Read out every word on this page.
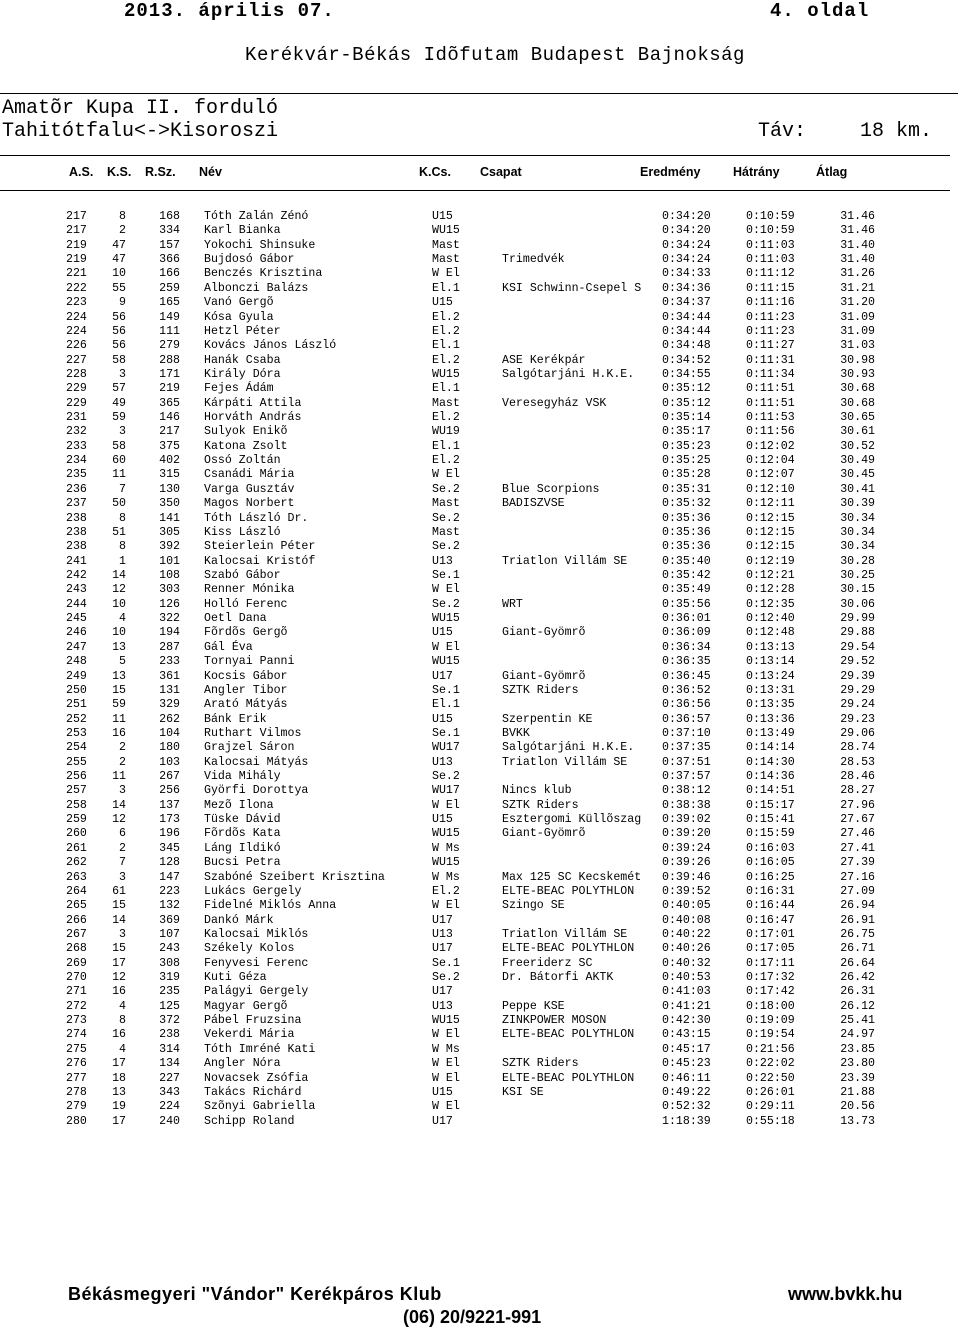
2013. április 07.	4. oldal
Kerékvár-Békás Idõfutam Budapest Bajnokság
Amatõr Kupa II. forduló
Tahitótfalu<->Kisoroszi	Táv:	18 km.
A.S. K.S. R.Sz. Név	K.Cs. Csapat	Eredmény	Hátrány	Átlag
217	8	168 Tóth Zalán Zénó	U15	0:34:20	0:10:59	31.46
217	2	334 Karl Bianka	WU15	0:34:20	0:10:59	31.46
219	47	157 Yokochi Shinsuke	Mast	0:34:24	0:11:03	31.40
219	47	366 Bujdosó Gábor	Mast	Trimedvék	0:34:24	0:11:03	31.40
221	10	166 Benczés Krisztina	W El	0:34:33	0:11:12	31.26
222	55	259 Albonczi Balázs	El.1	KSI Schwinn-Csepel S 0:34:36	0:11:15	31.21
223	9	165 Vanó Gergõ	U15	0:34:37	0:11:16	31.20
224	56	149 Kósa Gyula	El.2	0:34:44	0:11:23	31.09
224	56	111 Hetzl Péter	El.2	0:34:44	0:11:23	31.09
226	56	279 Kovács János László	El.1	0:34:48	0:11:27	31.03
227	58	288 Hanák Csaba	El.2	ASE Kerékpár	0:34:52	0:11:31	30.98
228	3	171 Király Dóra	WU15	Salgótarjáni H.K.E. 0:34:55	0:11:34	30.93
229	57	219 Fejes Ádám	El.1	0:35:12	0:11:51	30.68
229	49	365 Kárpáti Attila	Mast	Veresegyház VSK	0:35:12	0:11:51	30.68
231	59	146 Horváth András	El.2	0:35:14	0:11:53	30.65
232	3	217 Sulyok Enikõ	WU19	0:35:17	0:11:56	30.61
233	58	375 Katona Zsolt	El.1	0:35:23	0:12:02	30.52
234	60	402 Ossó Zoltán	El.2	0:35:25	0:12:04	30.49
235	11	315 Csanádi Mária	W El	0:35:28	0:12:07	30.45
236	7	130 Varga Gusztáv	Se.2	Blue Scorpions	0:35:31	0:12:10	30.41
237	50	350 Magos Norbert	Mast	BADISZVSE	0:35:32	0:12:11	30.39
238	8	141 Tóth László Dr.	Se.2	0:35:36	0:12:15	30.34
238	51	305 Kiss László	Mast	0:35:36	0:12:15	30.34
238	8	392 Steierlein Péter	Se.2	0:35:36	0:12:15	30.34
241	1	101 Kalocsai Kristóf	U13	Triatlon Villám SE	0:35:40	0:12:19	30.28
242	14	108 Szabó Gábor	Se.1	0:35:42	0:12:21	30.25
243	12	303 Renner Mónika	W El	0:35:49	0:12:28	30.15
244	10	126 Holló Ferenc	Se.2	WRT	0:35:56	0:12:35	30.06
245	4	322 Oetl Dana	WU15	0:36:01	0:12:40	29.99
246	10	194 Fõrdõs Gergõ	U15	Giant-Gyömrõ	0:36:09	0:12:48	29.88
247	13	287 Gál Éva	W El	0:36:34	0:13:13	29.54
248	5	233 Tornyai Panni	WU15	0:36:35	0:13:14	29.52
249	13	361 Kocsis Gábor	U17	Giant-Gyömrõ	0:36:45	0:13:24	29.39
250	15	131 Angler Tibor	Se.1	SZTK Riders	0:36:52	0:13:31	29.29
251	59	329 Arató Mátyás	El.1	0:36:56	0:13:35	29.24
252	11	262 Bánk Erik	U15	Szerpentin KE	0:36:57	0:13:36	29.23
253	16	104 Ruthart Vilmos	Se.1	BVKK	0:37:10	0:13:49	29.06
254	2	180 Grajzel Sáron	WU17	Salgótarjáni H.K.E. 0:37:35	0:14:14	28.74
255	2	103 Kalocsai Mátyás	U13	Triatlon Villám SE	0:37:51	0:14:30	28.53
256	11	267 Vida Mihály	Se.2	0:37:57	0:14:36	28.46
257	3	256 Györfi Dorottya	WU17	Nincs klub	0:38:12	0:14:51	28.27
258	14	137 Mezõ Ilona	W El	SZTK Riders	0:38:38	0:15:17	27.96
259	12	173 Tüske Dávid	U15	Esztergomi Küllõszag 0:39:02	0:15:41	27.67
260	6	196 Fõrdõs Kata	WU15	Giant-Gyömrõ	0:39:20	0:15:59	27.46
261	2	345 Láng Ildikó	W Ms	0:39:24	0:16:03	27.41
262	7	128 Bucsi Petra	WU15	0:39:26	0:16:05	27.39
263	3	147 Szabóné Szeibert Krisztina	W Ms	Max 125 SC Kecskemét 0:39:46	0:16:25	27.16
264	61	223 Lukács Gergely	El.2	ELTE-BEAC POLYTHLON 0:39:52	0:16:31	27.09
265	15	132 Fidelné Miklós Anna	W El	Szingo SE	0:40:05	0:16:44	26.94
266	14	369 Dankó Márk	U17	0:40:08	0:16:47	26.91
267	3	107 Kalocsai Miklós	U13	Triatlon Villám SE	0:40:22	0:17:01	26.75
268	15	243 Székely Kolos	U17	ELTE-BEAC POLYTHLON 0:40:26	0:17:05	26.71
269	17	308 Fenyvesi Ferenc	Se.1	Freeriderz SC	0:40:32	0:17:11	26.64
270	12	319 Kuti Géza	Se.2	Dr. Bátorfi AKTK	0:40:53	0:17:32	26.42
271	16	235 Palágyi Gergely	U17	0:41:03	0:17:42	26.31
272	4	125 Magyar Gergõ	U13	Peppe KSE	0:41:21	0:18:00	26.12
273	8	372 Pábel Fruzsina	WU15	ZINKPOWER MOSON	0:42:30	0:19:09	25.41
274	16	238 Vekerdi Mária	W El	ELTE-BEAC POLYTHLON 0:43:15	0:19:54	24.97
275	4	314 Tóth Imréné Kati	W Ms	0:45:17	0:21:56	23.85
276	17	134 Angler Nóra	W El	SZTK Riders	0:45:23	0:22:02	23.80
277	18	227 Novacsek Zsófia	W El	ELTE-BEAC POLYTHLON 0:46:11	0:22:50	23.39
278	13	343 Takács Richárd	U15	KSI SE	0:49:22	0:26:01	21.88
279	19	224 Szõnyi Gabriella	W El	0:52:32	0:29:11	20.56
280	17	240 Schipp Roland	U17	1:18:39	0:55:18	13.73
Békásmegyeri "Vándor" Kerékpáros Klub	www.bvkk.hu
(06) 20/9221-991
